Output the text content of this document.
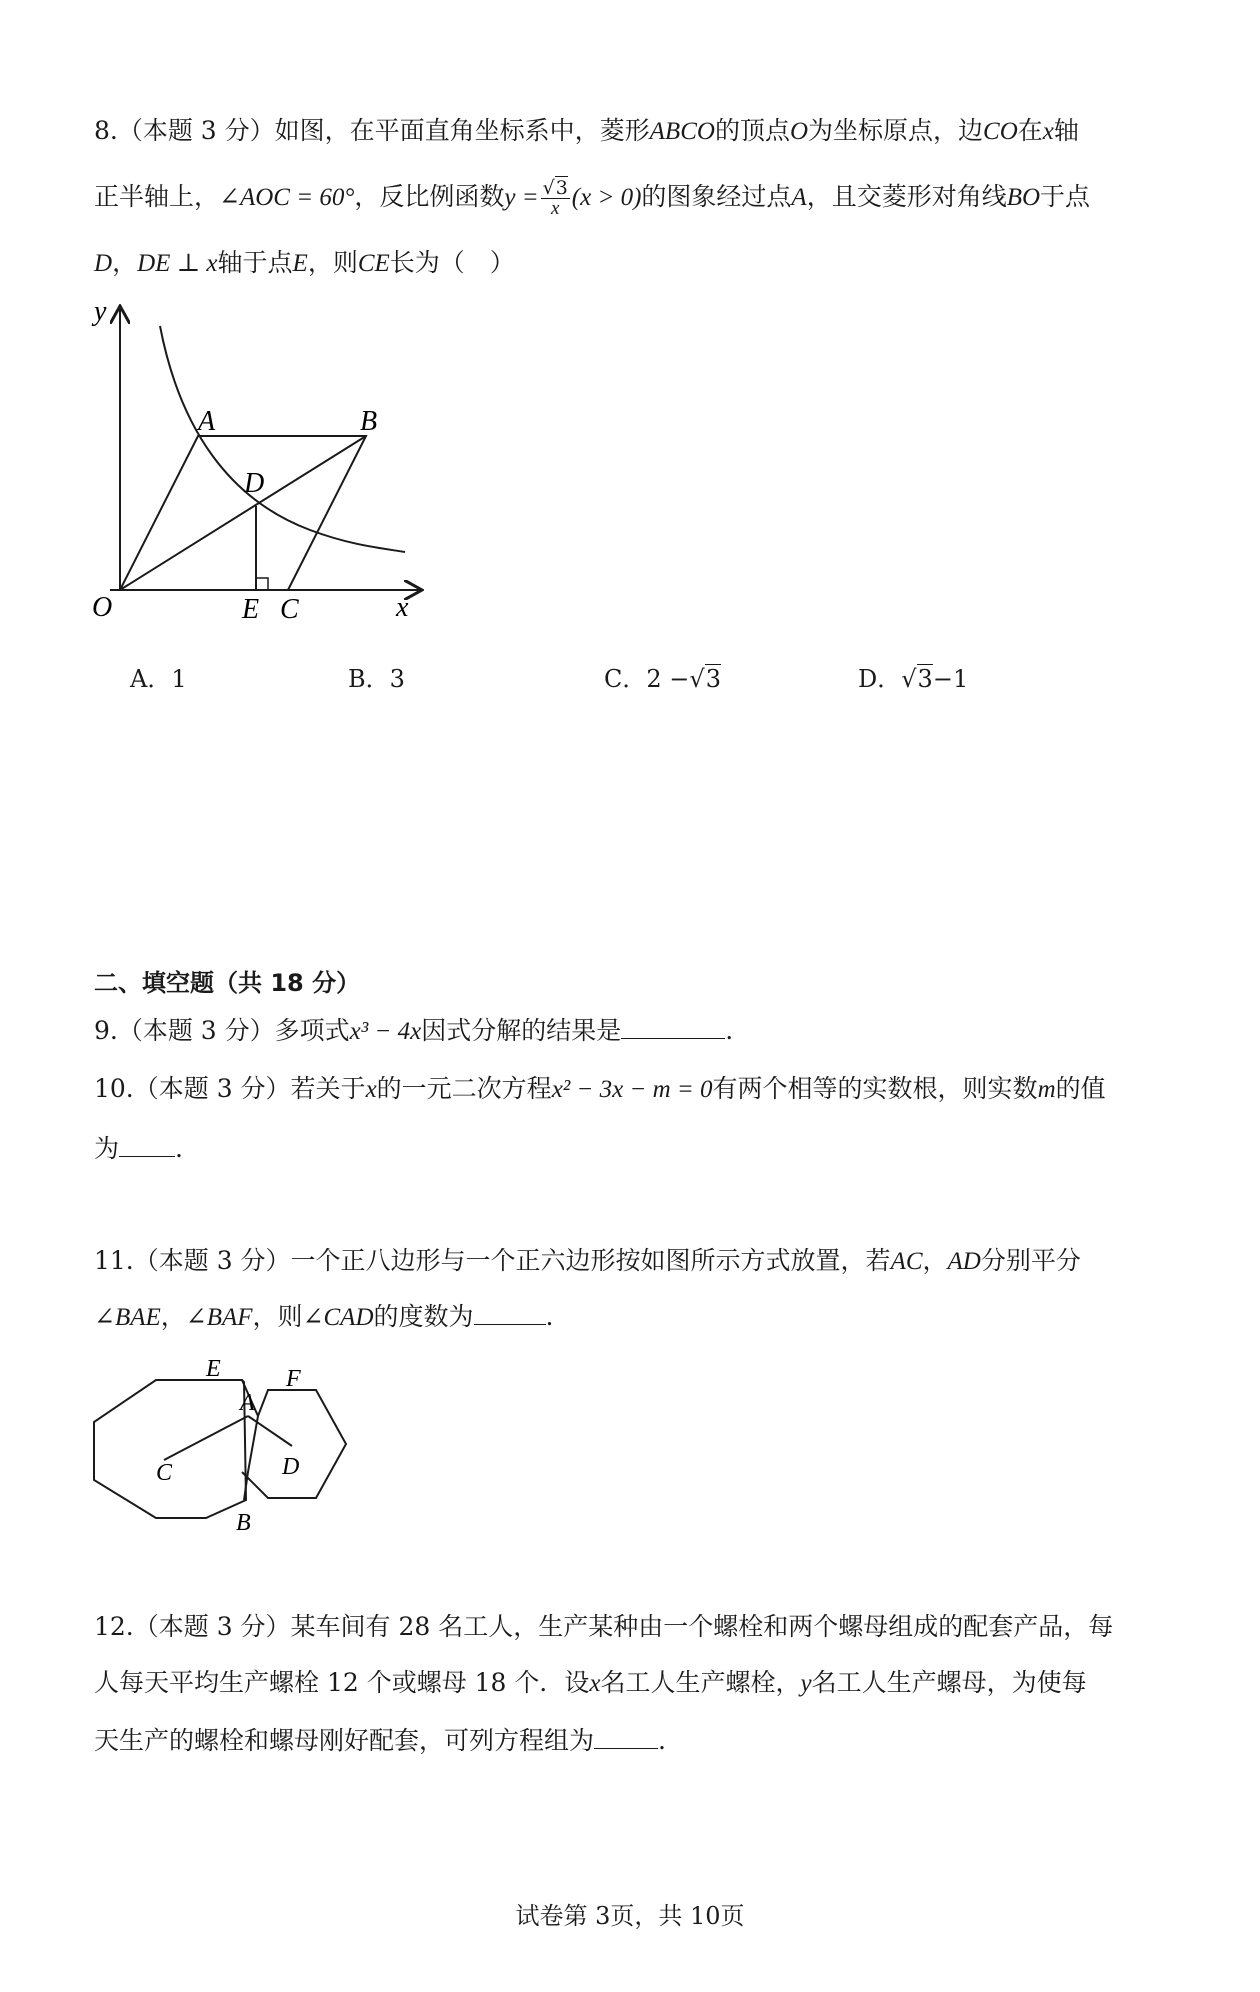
8.（本题 3 分）如图，在平面直角坐标系中，菱形ABCO的顶点O为坐标原点，边CO在x轴
正半轴上，∠AOC = 60°，反比例函数$y = \frac{√3}{x} (x > 0)$的图象经过点A，且交菱形对角线BO于点
D，DE ⊥ x轴于点E，则CE长为（　）
y
x
O
A	B
D
E C
A．1	B．3	C．2 −√3	D．√3−1
二、填空题（共 18 分）
9.（本题 3 分）多项式x³ − 4x因式分解的结果是	.
10.（本题 3 分）若关于x的一元二次方程x² − 3x − m = 0有两个相等的实数根，则实数m的值
为 .
11.（本题 3 分）一个正八边形与一个正六边形按如图所示方式放置，若AC，AD分别平分
∠BAE，∠BAF，则∠CAD的度数为	.
E	F
A
C	D
B
12.（本题 3 分）某车间有 28 名工人，生产某种由一个螺栓和两个螺母组成的配套产品，每
人每天平均生产螺栓 12 个或螺母 18 个．设x名工人生产螺栓，y名工人生产螺母，为使每
天生产的螺栓和螺母刚好配套，可列方程组为	.
试卷第 3页，共 10页
